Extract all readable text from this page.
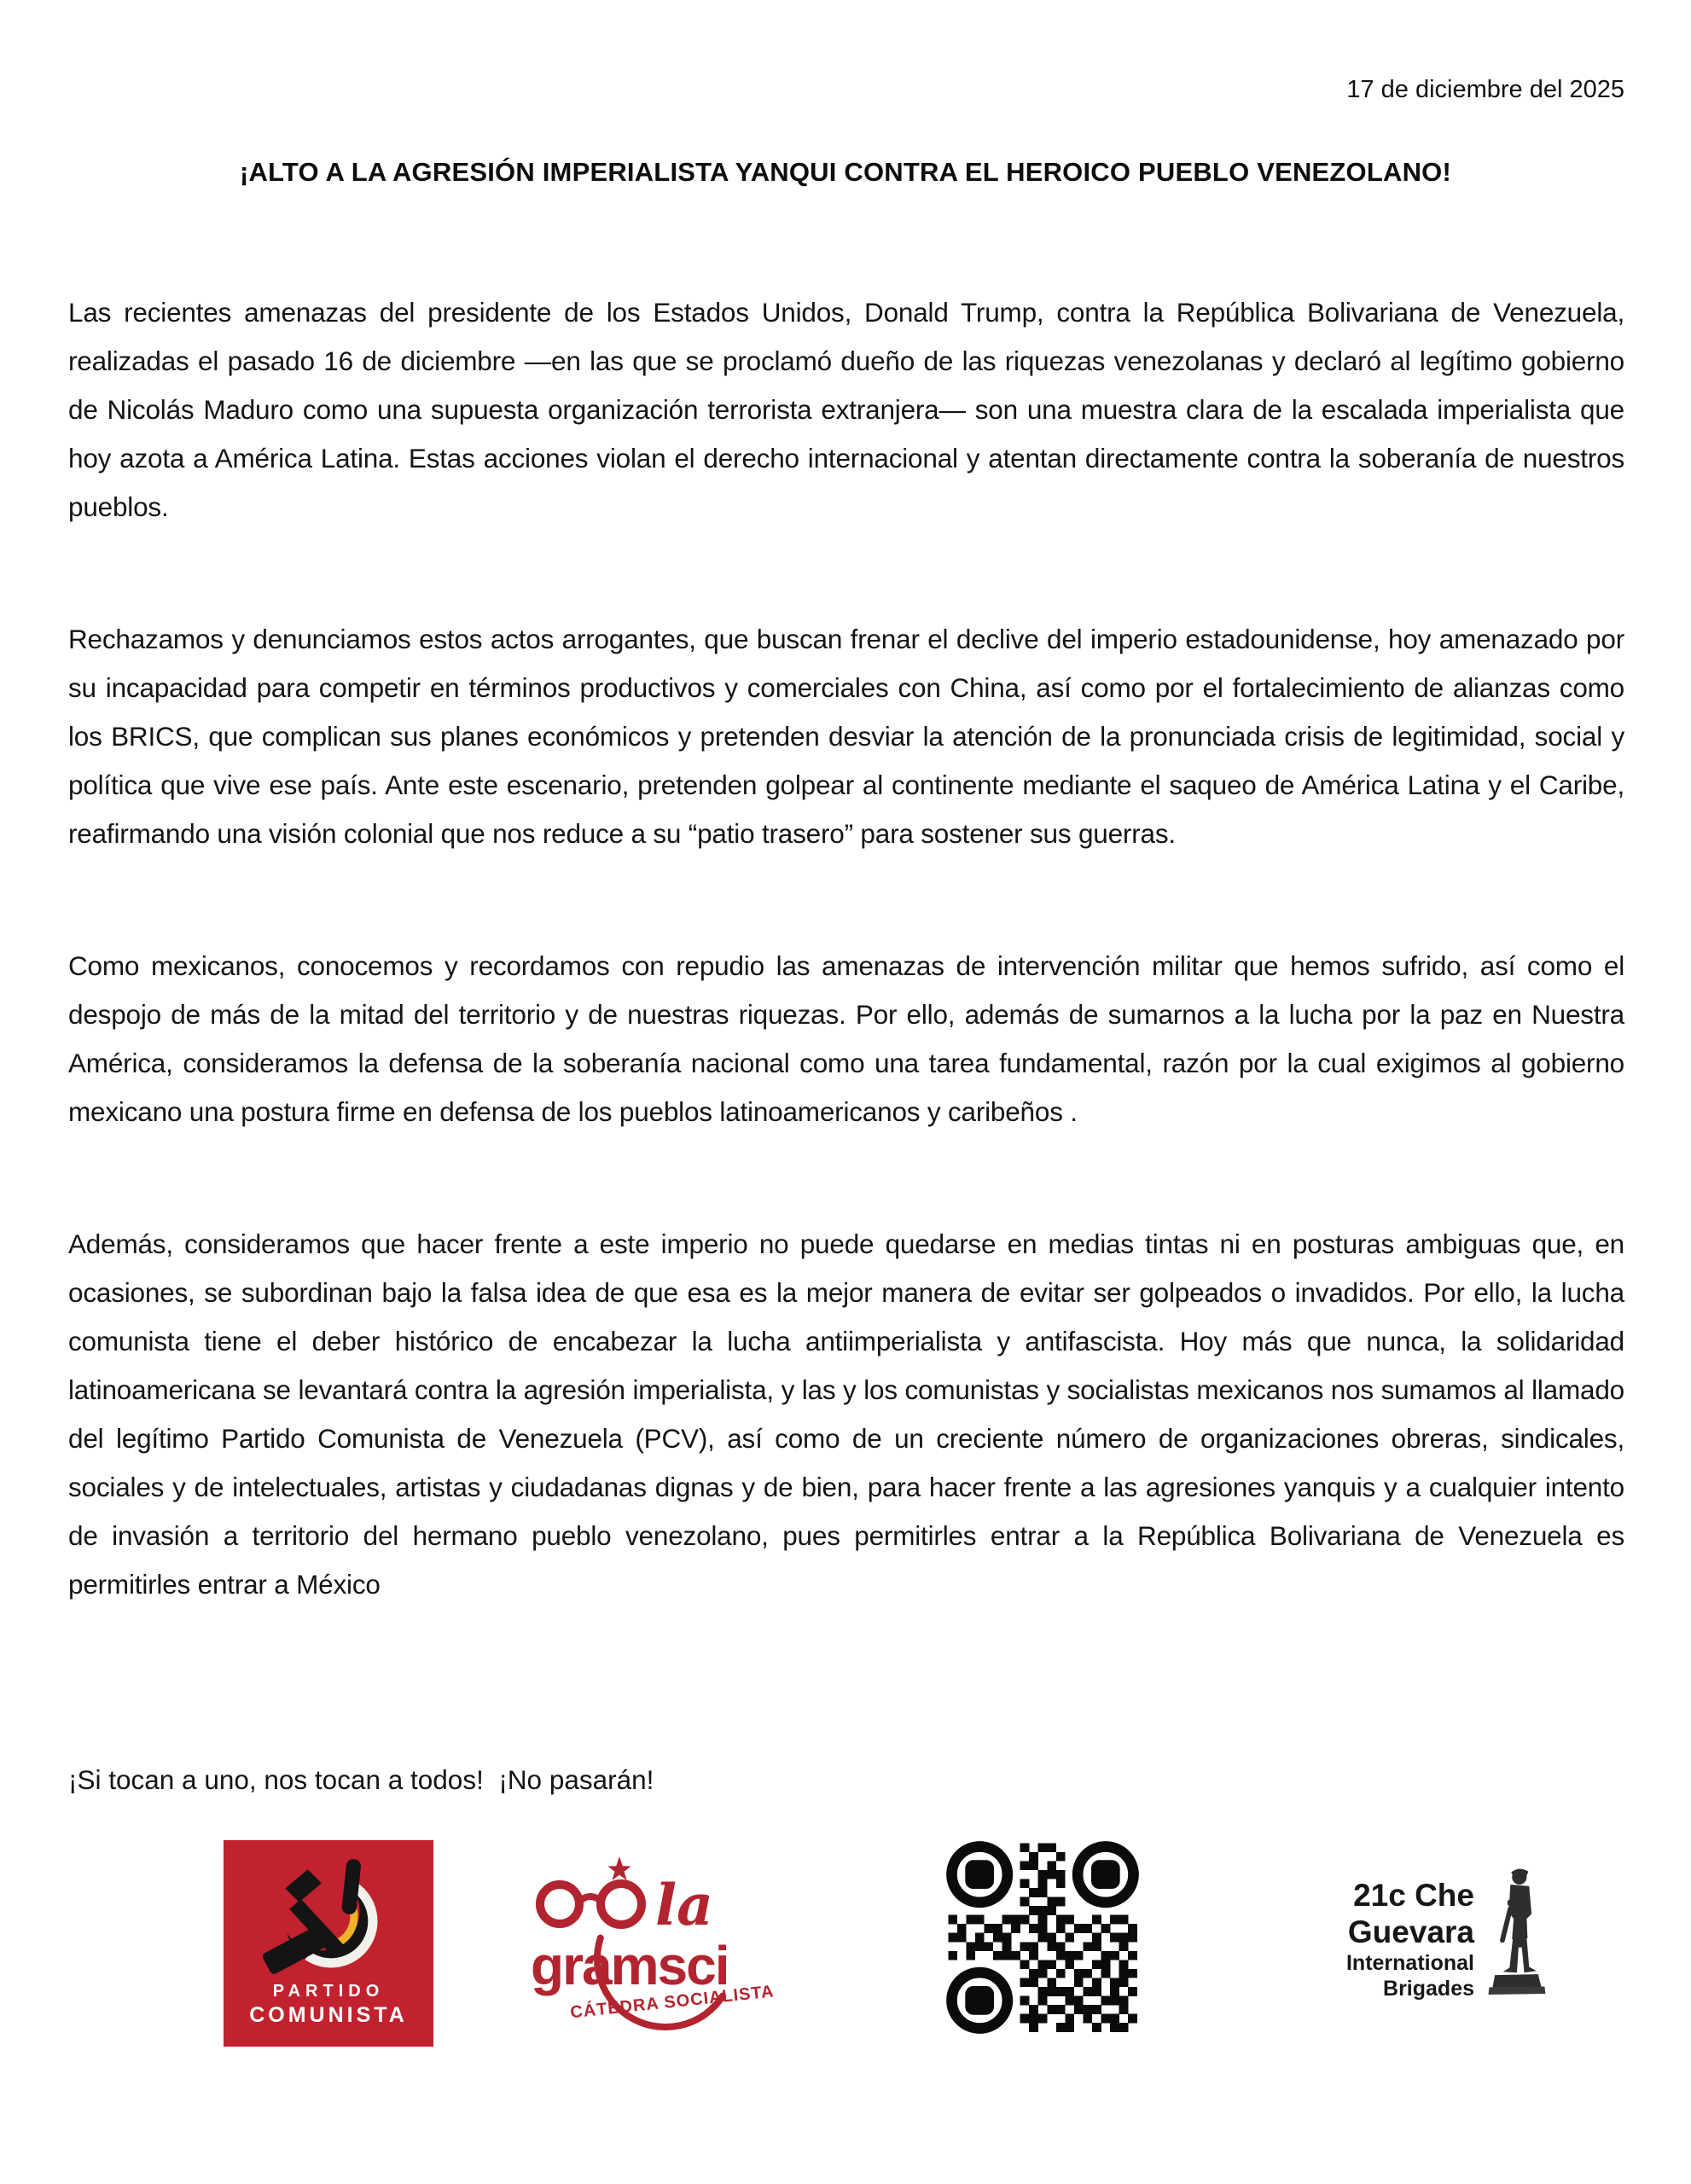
17 de diciembre del 2025
¡ALTO A LA AGRESIÓN IMPERIALISTA YANQUI CONTRA EL HEROICO PUEBLO VENEZOLANO!

Las recientes amenazas del presidente de los Estados Unidos, Donald Trump, contra la República Bolivariana de Venezuela, realizadas el pasado 16 de diciembre —en las que se proclamó dueño de las riquezas venezolanas y declaró al legítimo gobierno de Nicolás Maduro como una supuesta organización terrorista extranjera— son una muestra clara de la escalada imperialista que hoy azota a América Latina. Estas acciones violan el derecho internacional y atentan directamente contra la soberanía de nuestros pueblos.

Rechazamos y denunciamos estos actos arrogantes, que buscan frenar el declive del imperio estadounidense, hoy amenazado por su incapacidad para competir en términos productivos y comerciales con China, así como por el fortalecimiento de alianzas como los BRICS, que complican sus planes económicos y pretenden desviar la atención de la pronunciada crisis de legitimidad, social y política que vive ese país. Ante este escenario, pretenden golpear al continente mediante el saqueo de América Latina y el Caribe, reafirmando una visión colonial que nos reduce a su “patio trasero” para sostener sus guerras.

Como mexicanos, conocemos y recordamos con repudio las amenazas de intervención militar que hemos sufrido, así como el despojo de más de la mitad del territorio y de nuestras riquezas. Por ello, además de sumarnos a la lucha por la paz en Nuestra América, consideramos la defensa de la soberanía nacional como una tarea fundamental, razón por la cual exigimos al gobierno mexicano una postura firme en defensa de los pueblos latinoamericanos y caribeños .

Además, consideramos que hacer frente a este imperio no puede quedarse en medias tintas ni en posturas ambiguas que, en ocasiones, se subordinan bajo la falsa idea de que esa es la mejor manera de evitar ser golpeados o invadidos. Por ello, la lucha comunista tiene el deber histórico de encabezar la lucha antiimperialista y antifascista. Hoy más que nunca, la solidaridad latinoamericana se levantará contra la agresión imperialista, y las y los comunistas y socialistas mexicanos nos sumamos al llamado del legítimo Partido Comunista de Venezuela (PCV), así como de un creciente número de organizaciones obreras, sindicales, sociales y de intelectuales, artistas y ciudadanas dignas y de bien, para hacer frente a las agresiones yanquis y a cualquier intento de invasión a territorio del hermano pueblo venezolano, pues permitirles entrar a la República Bolivariana de Venezuela es permitirles entrar a México

¡Si tocan a uno, nos tocan a todos!  ¡No pasarán!
PARTIDO
COMUNISTA
la
gramsci
CÁTEDRA SOCIALISTA
21c Che
Guevara
International
Brigades
